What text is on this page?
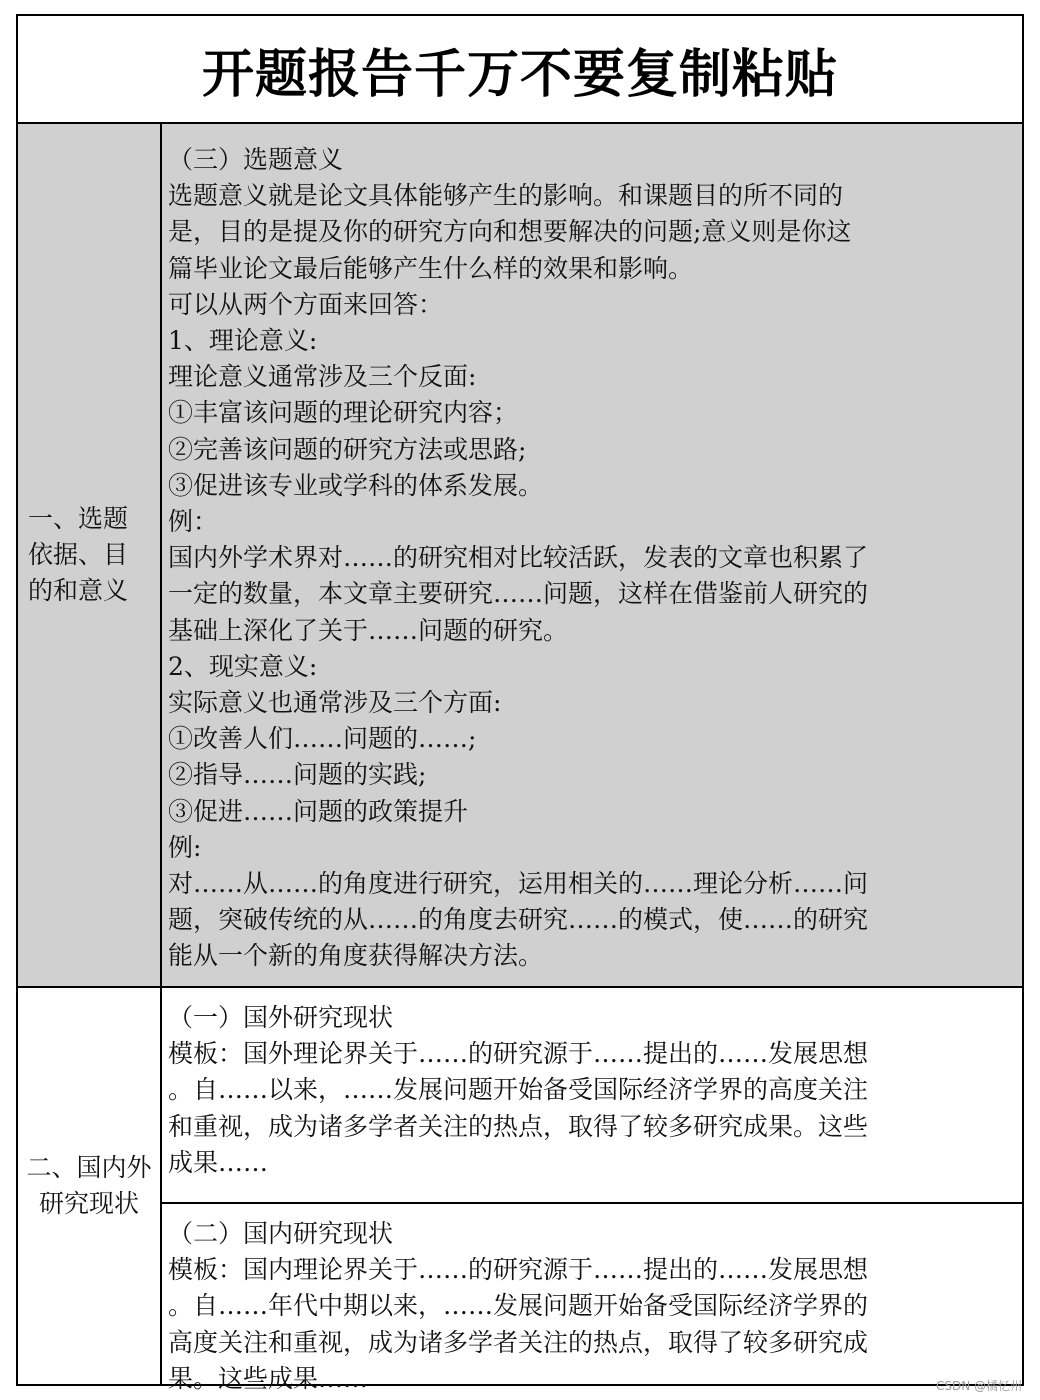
开题报告千万不要复制粘贴
一、选题依据、目的和意义

（三）选题意义

选题意义就是论文具体能够产生的影响。和课题目的所不同的

是，目的是提及你的研究方向和想要解决的问题;意义则是你这

篇毕业论文最后能够产生什么样的效果和影响。

可以从两个方面来回答：

1、理论意义:

理论意义通常涉及三个反面:

①丰富该问题的理论研究内容；

②完善该问题的研究方法或思路;

③促进该专业或学科的体系发展。

例：

国内外学术界对……的研究相对比较活跃，发表的文章也积累了

一定的数量，本文章主要研究……问题，这样在借鉴前人研究的

基础上深化了关于……问题的研究。

2、现实意义:

实际意义也通常涉及三个方面:

①改善人们……问题的……;

②指导……问题的实践;

③促进……问题的政策提升

例:

对……从……的角度进行研究，运用相关的……理论分析……问

题，突破传统的从……的角度去研究……的模式，使……的研究

能从一个新的角度获得解决方法。

二、国内外研究现状

（一）国外研究现状

模板：国外理论界关于……的研究源于……提出的……发展思想

。自……以来，……发展问题开始备受国际经济学界的高度关注

和重视，成为诸多学者关注的热点，取得了较多研究成果。这些

成果……

（二）国内研究现状

模板：国内理论界关于……的研究源于……提出的……发展思想

。自……年代中期以来，……发展问题开始备受国际经济学界的

高度关注和重视，成为诸多学者关注的热点，取得了较多研究成

果。这些成果……	CSDN @橘忆州
